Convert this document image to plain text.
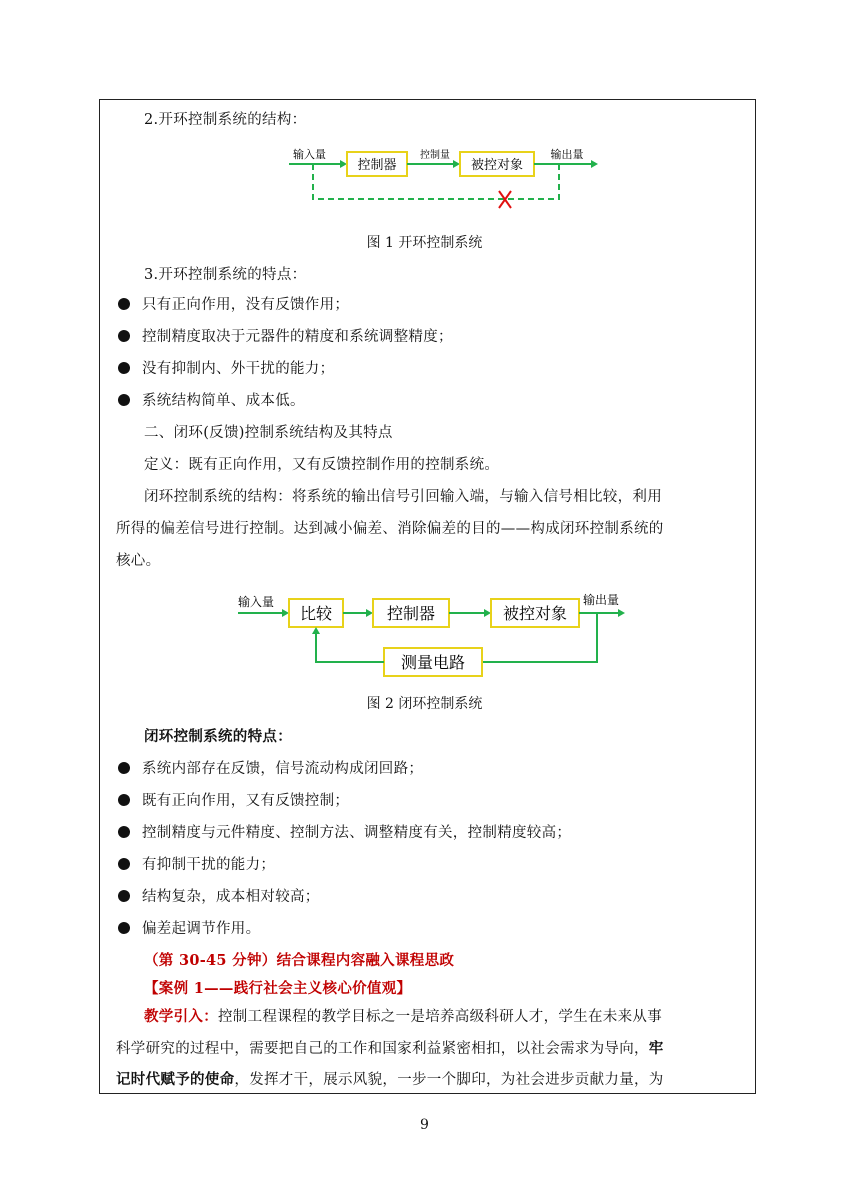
2.开环控制系统的结构：
输入量
控制器
控制量
被控对象
输出量
图 1 开环控制系统
3.开环控制系统的特点：
只有正向作用，没有反馈作用；
控制精度取决于元器件的精度和系统调整精度；
没有抑制内、外干扰的能力；
系统结构简单、成本低。
二、闭环(反馈)控制系统结构及其特点
定义：既有正向作用，又有反馈控制作用的控制系统。
闭环控制系统的结构：将系统的输出信号引回输入端，与输入信号相比较，利用
所得的偏差信号进行控制。达到减小偏差、消除偏差的目的——构成闭环控制系统的
核心。
输入量
比较	控制器	被控对象
输出量
测量电路
图 2 闭环控制系统
闭环控制系统的特点：
系统内部存在反馈，信号流动构成闭回路；
既有正向作用，又有反馈控制；
控制精度与元件精度、控制方法、调整精度有关，控制精度较高；
有抑制干扰的能力；
结构复杂，成本相对较高；
偏差起调节作用。
（第 30-45 分钟）结合课程内容融入课程思政
【案例 1——践行社会主义核心价值观】
教学引入：控制工程课程的教学目标之一是培养高级科研人才，学生在未来从事
科学研究的过程中，需要把自己的工作和国家利益紧密相扣，以社会需求为导向，牢
记时代赋予的使命，发挥才干，展示风貌，一步一个脚印，为社会进步贡献力量，为
9
